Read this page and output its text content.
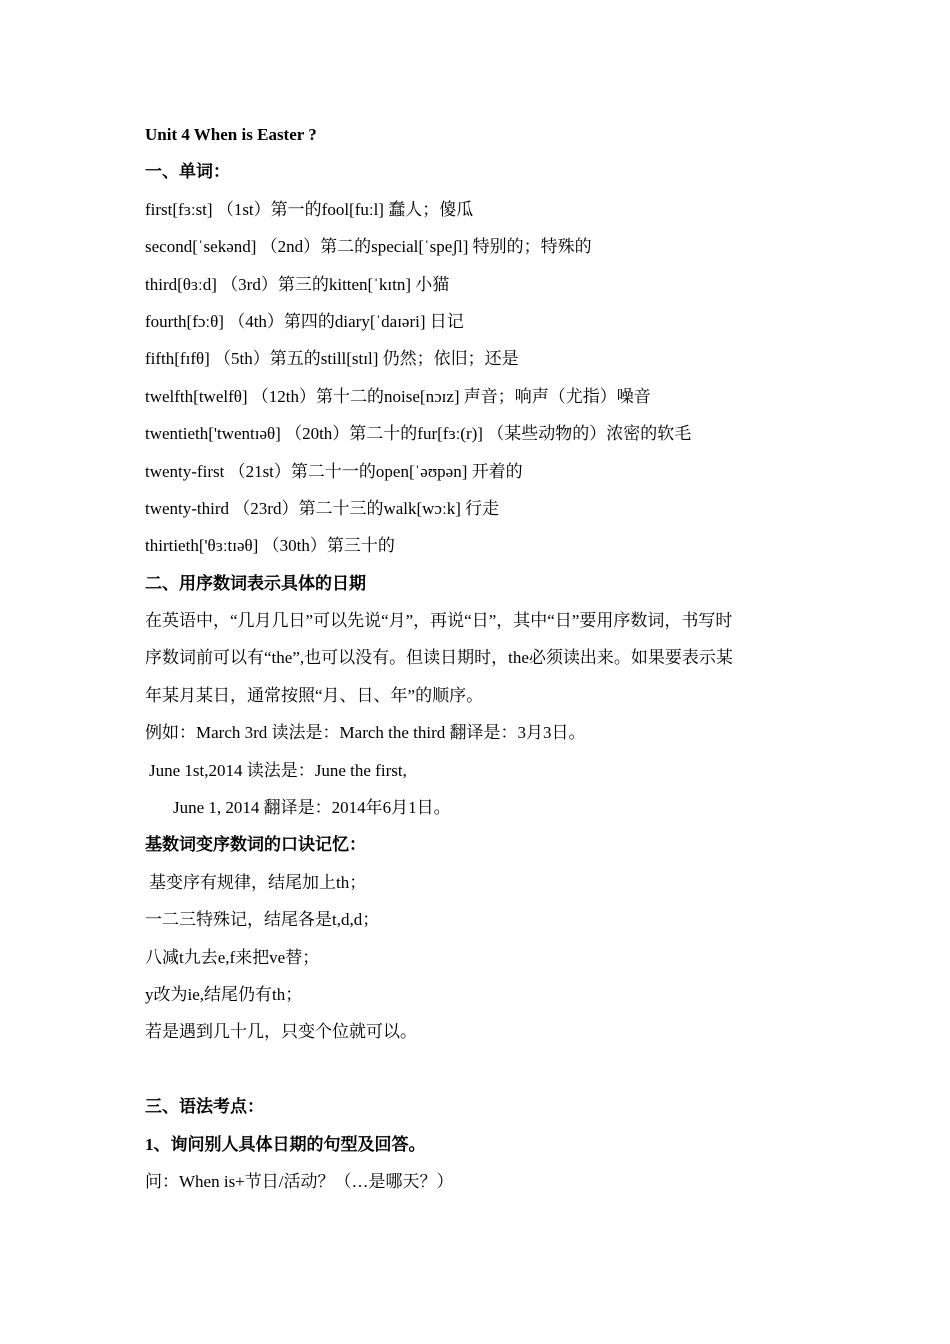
Unit 4 When is Easter ?
一、单词：
first[fɜːst] （1st）第一的fool[fuːl] 蠢人；傻瓜
second[ˈsekənd] （2nd）第二的special[ˈspeʃl] 特别的；特殊的
third[θɜːd] （3rd）第三的kitten[ˈkɪtn] 小猫
fourth[fɔːθ] （4th）第四的diary[ˈdaɪəri] 日记
fifth[fɪfθ] （5th）第五的still[stɪl] 仍然；依旧；还是
twelfth[twelfθ] （12th）第十二的noise[nɔɪz] 声音；响声（尤指）噪音
twentieth['twentɪəθ] （20th）第二十的fur[fɜː(r)] （某些动物的）浓密的软毛
twenty-first （21st）第二十一的open[ˈəʊpən] 开着的
twenty-third （23rd）第二十三的walk[wɔːk] 行走
thirtieth['θɜːtɪəθ] （30th）第三十的
二、用序数词表示具体的日期
在英语中，“几月几日”可以先说“月”，再说“日”，其中“日”要用序数词，书写时
序数词前可以有“the”,也可以没有。但读日期时，the必须读出来。如果要表示某
年某月某日，通常按照“月、日、年”的顺序。
例如：March 3rd 读法是：March the third 翻译是：3月3日。
June 1st,2014 读法是：June the first,
June 1, 2014 翻译是：2014年6月1日。
基数词变序数词的口诀记忆：
基变序有规律，结尾加上th；
一二三特殊记，结尾各是t,d,d；
八减t九去e,f来把ve替；
y改为ie,结尾仍有th；
若是遇到几十几，只变个位就可以。
三、语法考点：
1、询问别人具体日期的句型及回答。
问：When is+节日/活动？（…是哪天？）
